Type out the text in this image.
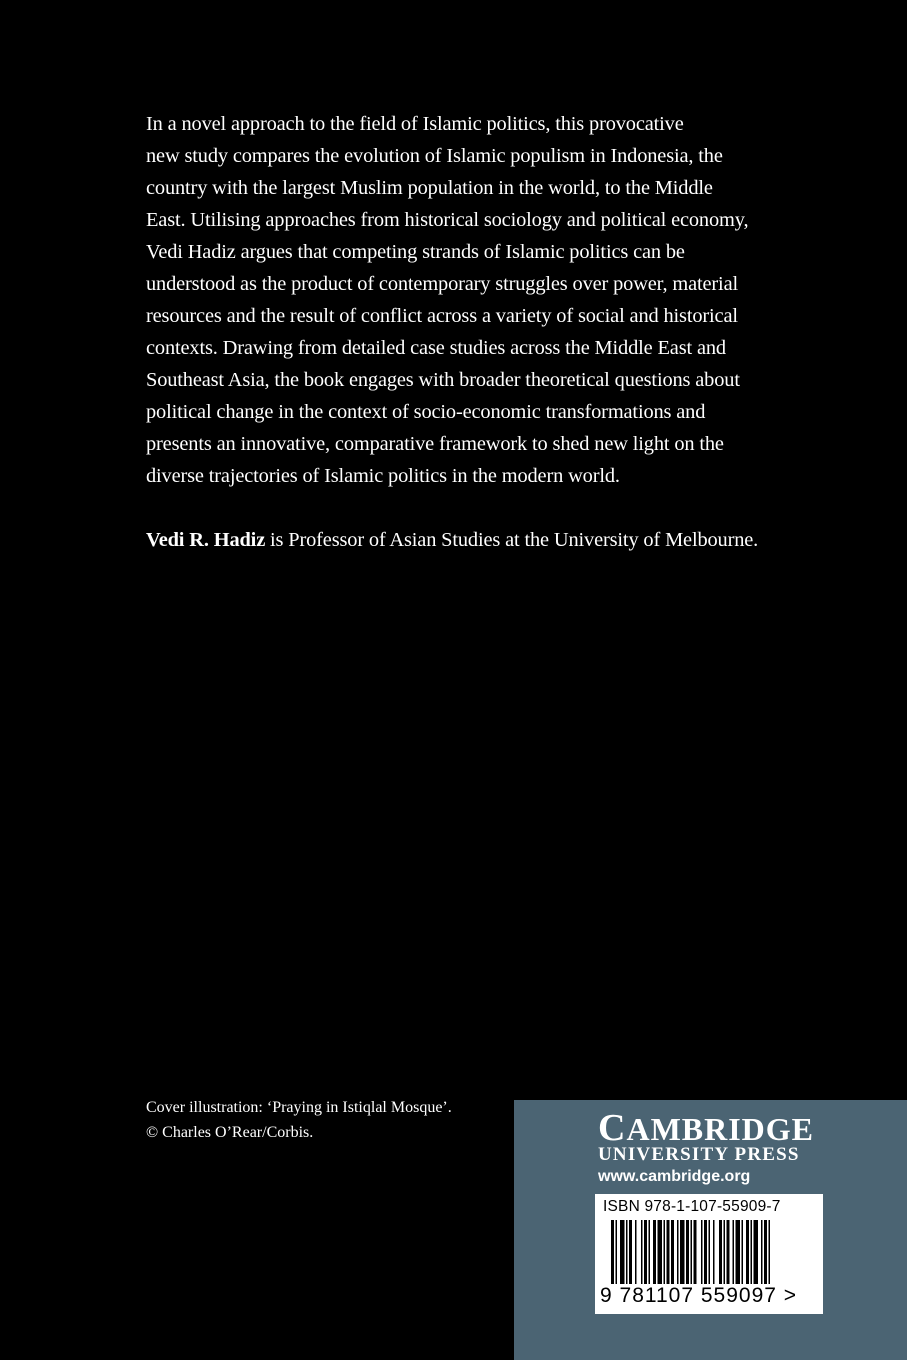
In a novel approach to the field of Islamic politics, this provocative
new study compares the evolution of Islamic populism in Indonesia, the
country with the largest Muslim population in the world, to the Middle
East. Utilising approaches from historical sociology and political economy,
Vedi Hadiz argues that competing strands of Islamic politics can be
understood as the product of contemporary struggles over power, material
resources and the result of conflict across a variety of social and historical
contexts. Drawing from detailed case studies across the Middle East and
Southeast Asia, the book engages with broader theoretical questions about
political change in the context of socio-economic transformations and
presents an innovative, comparative framework to shed new light on the
diverse trajectories of Islamic politics in the modern world.

Vedi R. Hadiz is Professor of Asian Studies at the University of Melbourne.

Cover illustration: ‘Praying in Istiqlal Mosque’.
© Charles O’Rear/Corbis.	CAMBRIDGE
UNIVERSITY PRESS
www.cambridge.org
ISBN 978-1-107-55909-7
9 781107 559097 >
